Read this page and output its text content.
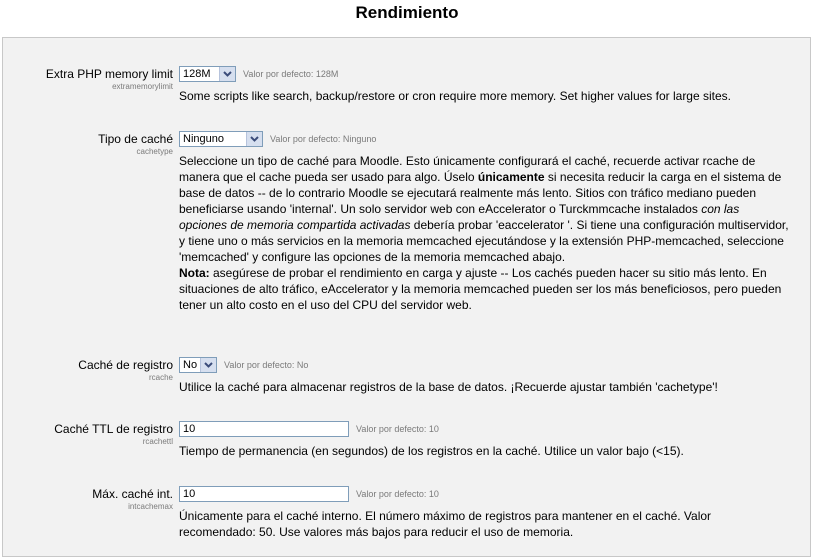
Rendimiento
Extra PHP memory limit
extramemorylimit
128M	Valor por defecto: 128M
Some scripts like search, backup/restore or cron require more memory. Set higher values for large sites.
Tipo de caché
cachetype
Ninguno	Valor por defecto: Ninguno
Seleccione un tipo de caché para Moodle. Esto únicamente configurará el caché, recuerde activar rcache de manera que el cache pueda ser usado para algo. Úselo únicamente si necesita reducir la carga en el sistema de base de datos -- de lo contrario Moodle se ejecutará realmente más lento. Sitios con tráfico mediano pueden beneficiarse usando 'internal'. Un solo servidor web con eAccelerator o Turckmmcache instalados con las opciones de memoria compartida activadas debería probar 'eaccelerator '. Si tiene una configuración multiservidor, y tiene uno o más servicios en la memoria memcached ejecutándose y la extensión PHP-memcached, seleccione 'memcached' y configure las opciones de la memoria memcached abajo.
Nota: asegúrese de probar el rendimiento en carga y ajuste -- Los cachés pueden hacer su sitio más lento. En situaciones de alto tráfico, eAccelerator y la memoria memcached pueden ser los más beneficiosos, pero pueden tener un alto costo en el uso del CPU del servidor web.
Caché de registro
rcache
No	Valor por defecto: No
Utilice la caché para almacenar registros de la base de datos. ¡Recuerde ajustar también 'cachetype'!
Caché TTL de registro
rcachettl
10	Valor por defecto: 10
Tiempo de permanencia (en segundos) de los registros en la caché. Utilice un valor bajo (<15).
Máx. caché int.
intcachemax
10	Valor por defecto: 10
Únicamente para el caché interno. El número máximo de registros para mantener en el caché. Valor recomendado: 50. Use valores más bajos para reducir el uso de memoria.
